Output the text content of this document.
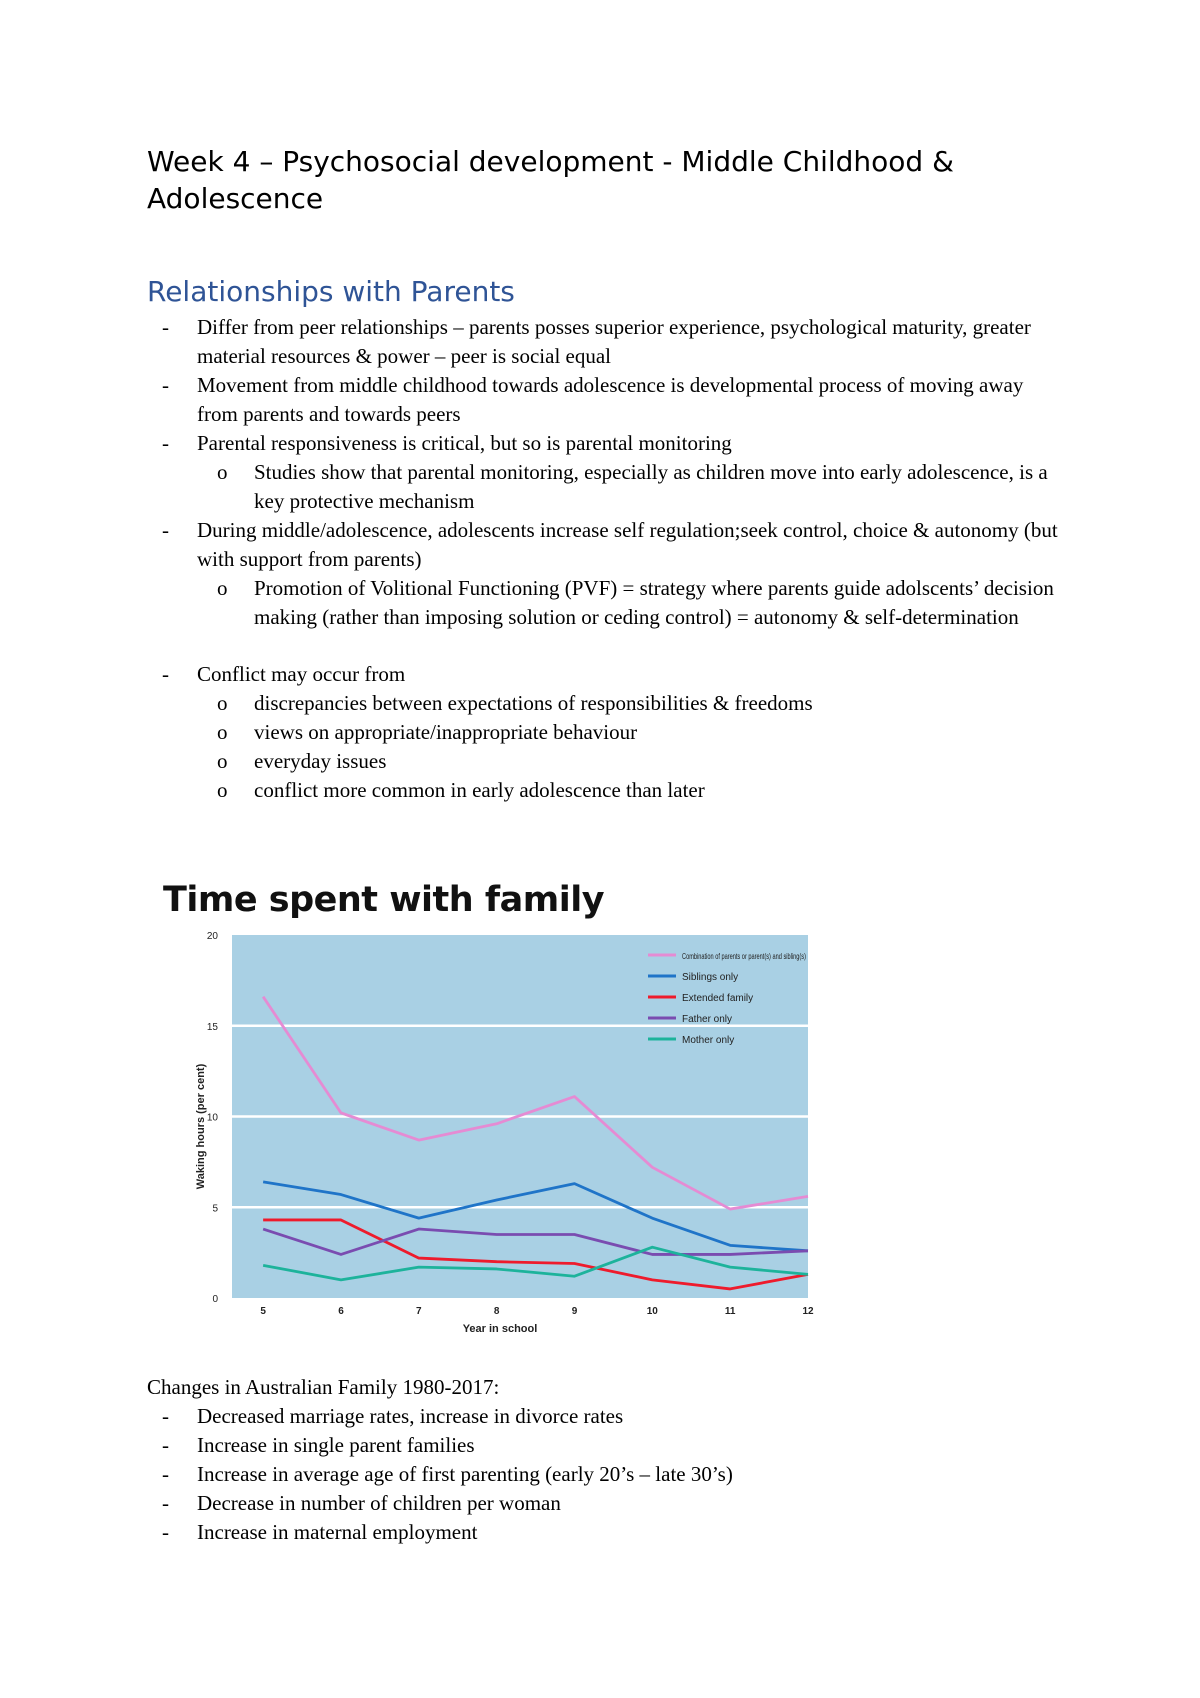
Week 4 – Psychosocial development - Middle Childhood & Adolescence
Relationships with Parents
- Differ from peer relationships – parents posses superior experience, psychological maturity, greater material resources & power – peer is social equal
- Movement from middle childhood towards adolescence is developmental process of moving away from parents and towards peers
- Parental responsiveness is critical, but so is parental monitoring
o Studies show that parental monitoring, especially as children move into early adolescence, is a key protective mechanism
- During middle/adolescence, adolescents increase self regulation;seek control, choice & autonomy (but with support from parents)
o Promotion of Volitional Functioning (PVF) = strategy where parents guide adolscents’ decision making (rather than imposing solution or ceding control) = autonomy & self-determination
- Conflict may occur from
o discrepancies between expectations of responsibilities & freedoms
o views on appropriate/inappropriate behaviour
o everyday issues
o conflict more common in early adolescence than later
Time spent with family
0
5
10
15
20
5	6	7	8	9	10	11	12
Year in school
Waking hours (per cent)
Combination of parents or parent(s) and sibling(s)
Siblings only
Extended family
Father only
Mother only
Changes in Australian Family 1980-2017:
- Decreased marriage rates, increase in divorce rates
- Increase in single parent families
- Increase in average age of first parenting (early 20’s – late 30’s)
- Decrease in number of children per woman
- Increase in maternal employment
